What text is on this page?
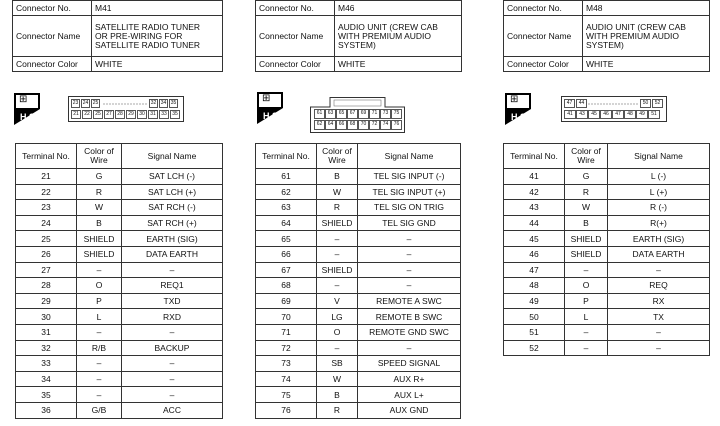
Connector No.	M41
Connector Name	SATELLITE RADIO TUNER
OR PRE-WIRING FOR
SATELLITE RADIO TUNER

Connector Color	WHITE
⊞
H.S.
23 24 25	32 34 35
21	22	25	27	28	29	30	31	33	35
Terminal No.	Color of Wire	Signal Name
21	G	SAT LCH (-)
22	R	SAT LCH (+)
23	W	SAT RCH (-)
24	B	SAT RCH (+)
25	SHIELD	EARTH (SIG)
26	SHIELD	DATA EARTH
27	–	–
28	O	REQ1
29	P	TXD
30	L	RXD
31	–	–
32	R/B	BACKUP
33	–	–
34	–	–
35	–	–
36	G/B	ACC
Connector No.	M46
Connector Name	AUDIO UNIT (CREW CAB
WITH PREMIUM AUDIO
SYSTEM)

Connector Color	WHITE
⊞
H.S.	61	63	65	67	69	71	73	75
62	64	66	68	70	72	74	76
Terminal No.	Color of Wire	Signal Name
61	B	TEL SIG INPUT (-)
62	W	TEL SIG INPUT (+)
63	R	TEL SIG ON TRIG
64	SHIELD	TEL SIG GND
65	–	–
66	–	–
67	SHIELD	–
68	–	–
69	V	REMOTE A SWC
70	LG	REMOTE B SWC
71	O	REMOTE GND SWC
72	–	–
73	SB	SPEED SIGNAL
74	W	AUX R+
75	B	AUX L+
76	R	AUX GND
Connector No.	M48
Connector Name	AUDIO UNIT (CREW CAB
WITH PREMIUM AUDIO
SYSTEM)

Connector Color	WHITE
⊞
H.S.
47	44	50	52
41	43	45	46	47	48	49	51
Terminal No.	Color of Wire	Signal Name
41	G	L (-)
42	R	L (+)
43	W	R (-)
44	B	R(+)
45	SHIELD	EARTH (SIG)
46	SHIELD	DATA EARTH
47	–	–
48	O	REQ
49	P	RX
50	L	TX
51	–	–
52	–	–
